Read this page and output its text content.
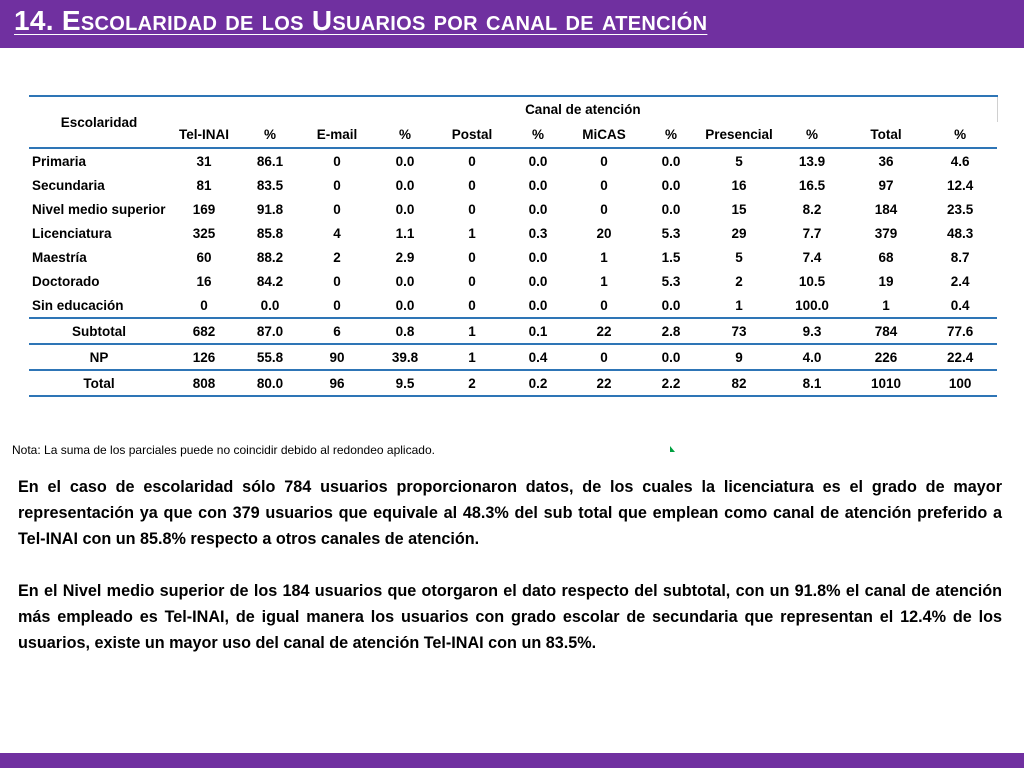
14. Escolaridad de los Usuarios por canal de atención
Escolaridad	Canal de atención											
	Tel-INAI	%	E-mail	%	Postal	%	MiCAS	%	Presencial	%	Total	%
Primaria	31	86.1	0	0.0	0	0.0	0	0.0	5	13.9	36	4.6
Secundaria	81	83.5	0	0.0	0	0.0	0	0.0	16	16.5	97	12.4
Nivel medio superior	169	91.8	0	0.0	0	0.0	0	0.0	15	8.2	184	23.5
Licenciatura	325	85.8	4	1.1	1	0.3	20	5.3	29	7.7	379	48.3
Maestría	60	88.2	2	2.9	0	0.0	1	1.5	5	7.4	68	8.7
Doctorado	16	84.2	0	0.0	0	0.0	1	5.3	2	10.5	19	2.4
Sin educación	0	0.0	0	0.0	0	0.0	0	0.0	1	100.0	1	0.4
Subtotal	682	87.0	6	0.8	1	0.1	22	2.8	73	9.3	784	77.6
NP	126	55.8	90	39.8	1	0.4	0	0.0	9	4.0	226	22.4
Total	808	80.0	96	9.5	2	0.2	22	2.2	82	8.1	1010	100
Nota: La suma de los parciales puede no coincidir debido al redondeo aplicado.
En el caso de escolaridad sólo 784 usuarios proporcionaron datos, de los cuales la licenciatura es el grado de mayor representación ya que con 379 usuarios que equivale al 48.3% del sub total que emplean como canal de atención preferido a Tel-INAI con un 85.8% respecto a otros canales de atención.
En el Nivel medio superior de los 184 usuarios que otorgaron el dato respecto del subtotal, con un 91.8% el canal de atención más empleado es Tel-INAI, de igual manera los usuarios con grado escolar de secundaria que representan el 12.4% de los usuarios, existe un mayor uso del canal de atención Tel-INAI con un 83.5%.
